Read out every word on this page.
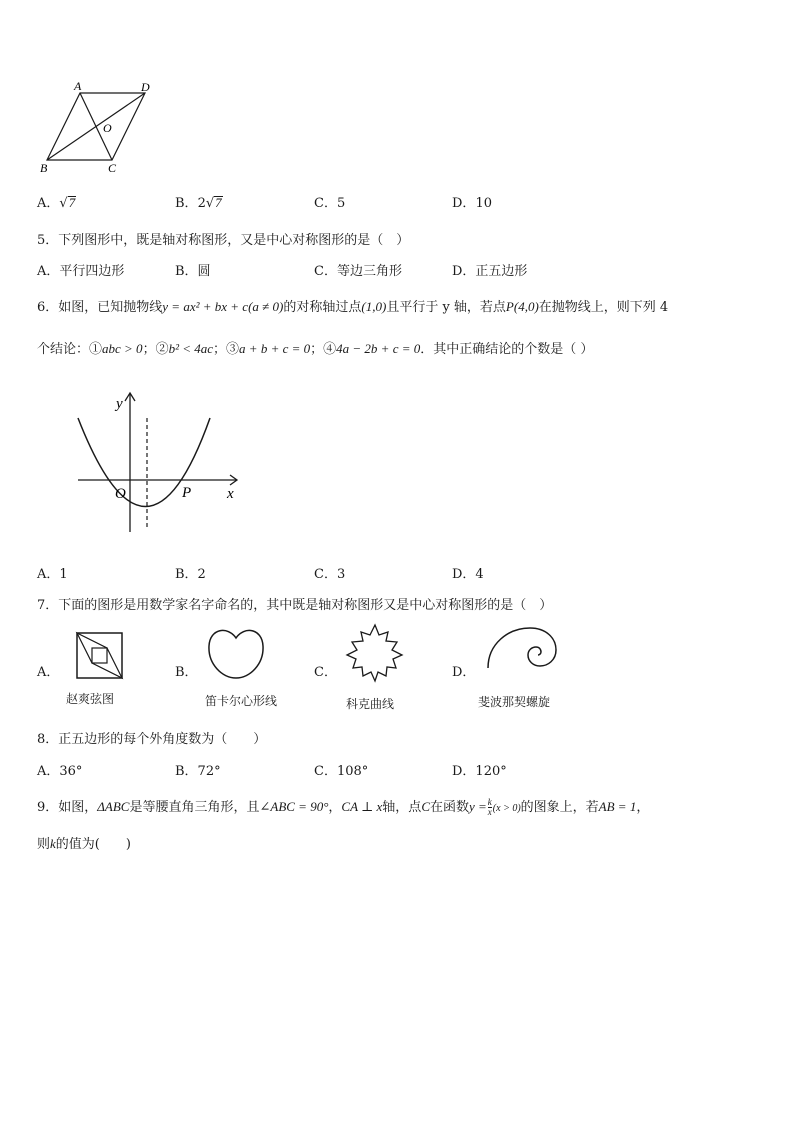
A	D
O
B	C
A．√7	B．2√7	C．5	D．10
5．下列图形中，既是轴对称图形，又是中心对称图形的是（　）
A．平行四边形	B．圆	C．等边三角形	D．正五边形
6．如图，已知抛物线y = ax² + bx + c(a ≠ 0)的对称轴过点(1,0)且平行于 y 轴，若点P(4,0)在抛物线上，则下列 4
个结论：①abc > 0；②b² < 4ac；③a + b + c = 0；④4a − 2b + c = 0．其中正确结论的个数是（ ）
y
x
O	P
A．1	B．2	C．3	D．4
7．下面的图形是用数学家名字命名的，其中既是轴对称图形又是中心对称图形的是（　）
A．
赵爽弦图
B．
笛卡尔心形线
C．
科克曲线
D．
斐波那契螺旋
8．正五边形的每个外角度数为（　　）
A．36°	B．72°	C．108°	D．120°
9．如图，ΔABC是等腰直角三角形，且∠ABC = 90°，CA ⊥ x轴，点C在函数$y = \frac{k}{x} (x > 0)$的图象上，若AB = 1，
则k的值为(　　)
